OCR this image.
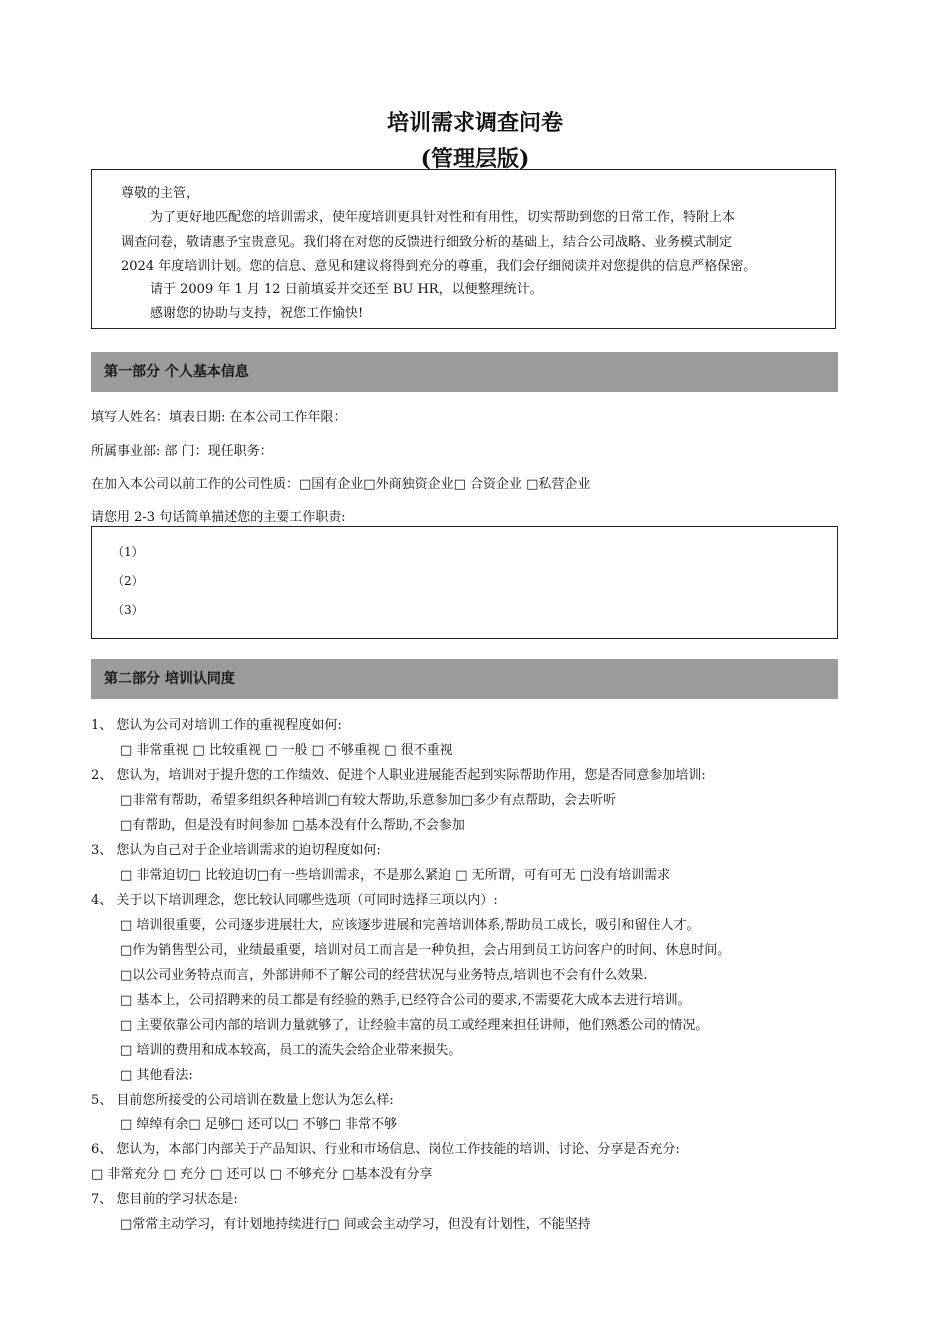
培训需求调查问卷
(管理层版)
尊敬的主管，
为了更好地匹配您的培训需求，使年度培训更具针对性和有用性，切实帮助到您的日常工作，特附上本
调查问卷，敬请惠予宝贵意见。我们将在对您的反馈进行细致分析的基础上，结合公司战略、业务模式制定
2024 年度培训计划。您的信息、意见和建议将得到充分的尊重，我们会仔细阅读并对您提供的信息严格保密。
请于 2009 年 1 月 12 日前填妥并交还至 BU HR，以便整理统计。
感谢您的协助与支持，祝您工作愉快!
第一部分 个人基本信息
填写人姓名：填表日期: 在本公司工作年限：
所属事业部: 部 门：现任职务：
在加入本公司以前工作的公司性质：□国有企业□外商独资企业□ 合资企业 □私营企业
请您用 2-3 句话简单描述您的主要工作职责:
（1）
（2）
（3）
第二部分 培训认同度
1、 您认为公司对培训工作的重视程度如何:
□ 非常重视 □ 比较重视 □ 一般 □ 不够重视 □ 很不重视
2、 您认为，培训对于提升您的工作绩效、促进个人职业进展能否起到实际帮助作用，您是否同意参加培训:
□非常有帮助，希望多组织各种培训□有较大帮助,乐意参加□多少有点帮助，会去听听
□有帮助，但是没有时间参加 □基本没有什么帮助,不会参加
3、 您认为自己对于企业培训需求的迫切程度如何:
□ 非常迫切□ 比较迫切□有一些培训需求，不是那么紧迫 □ 无所谓，可有可无 □没有培训需求
4、 关于以下培训理念，您比较认同哪些选项（可同时选择三项以内）:
□ 培训很重要，公司逐步进展壮大，应该逐步进展和完善培训体系,帮助员工成长，吸引和留住人才。
□作为销售型公司，业绩最重要，培训对员工而言是一种负担，会占用到员工访问客户的时间、休息时间。
□以公司业务特点而言，外部讲师不了解公司的经营状况与业务特点,培训也不会有什么效果.
□ 基本上，公司招聘来的员工都是有经验的熟手,已经符合公司的要求,不需要花大成本去进行培训。
□ 主要依靠公司内部的培训力量就够了，让经验丰富的员工或经理来担任讲师，他们熟悉公司的情况。
□ 培训的费用和成本较高，员工的流失会给企业带来损失。
□ 其他看法:
5、 目前您所接受的公司培训在数量上您认为怎么样:
□ 绰绰有余□ 足够□ 还可以□ 不够□ 非常不够
6、 您认为，本部门内部关于产品知识、行业和市场信息、岗位工作技能的培训、讨论、分享是否充分:
□ 非常充分 □ 充分 □ 还可以 □ 不够充分 □基本没有分享
7、 您目前的学习状态是:
□常常主动学习，有计划地持续进行□ 间或会主动学习，但没有计划性，不能坚持
